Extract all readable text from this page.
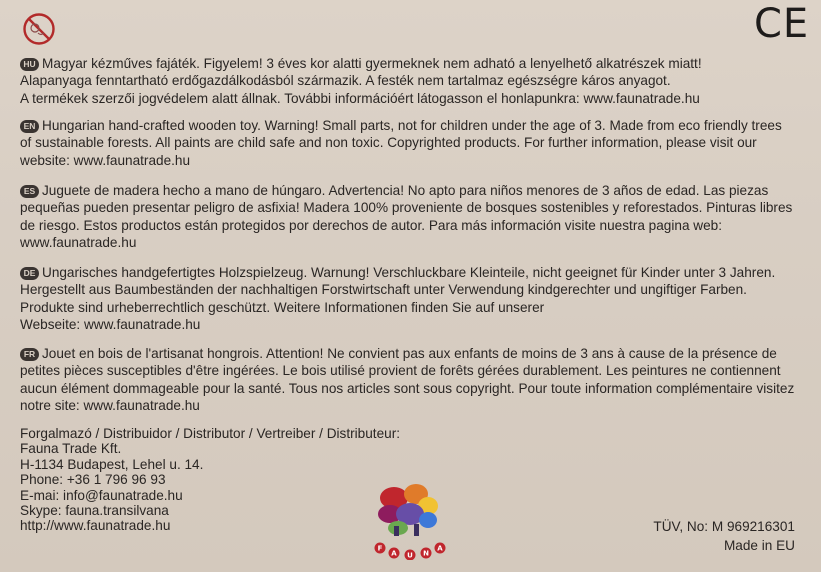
CE
HU Magyar kézműves fajáték. Figyelem! 3 éves kor alatti gyermeknek nem adható a lenyelhető alkatrészek miatt!
Alapanyaga fenntartható erdőgazdálkodásból származik. A festék nem tartalmaz egészségre káros anyagot.
A termékek szerzői jogvédelem alatt állnak. További információért látogasson el honlapunkra: www.faunatrade.hu
EN Hungarian hand-crafted wooden toy. Warning! Small parts, not for children under the age of 3. Made from eco friendly trees
of sustainable forests. All paints are child safe and non toxic. Copyrighted products. For further information, please visit our
website: www.faunatrade.hu
ES Juguete de madera hecho a mano de húngaro. Advertencia! No apto para niños menores de 3 años de edad. Las piezas
pequeñas pueden presentar peligro de asfixia! Madera 100% proveniente de bosques sostenibles y reforestados. Pinturas libres
de riesgo. Estos productos están protegidos por derechos de autor. Para más información visite nuestra pagina web:
www.faunatrade.hu
DE Ungarisches handgefertigtes Holzspielzeug. Warnung! Verschluckbare Kleinteile, nicht geeignet für Kinder unter 3 Jahren.
Hergestellt aus Baumbeständen der nachhaltigen Forstwirtschaft unter Verwendung kindgerechter und ungiftiger Farben.
Produkte sind urheberrechtlich geschützt. Weitere Informationen finden Sie auf unserer
Webseite: www.faunatrade.hu
FR Jouet en bois de l'artisanat hongrois. Attention! Ne convient pas aux enfants de moins de 3 ans à cause de la présence de
petites pièces susceptibles d'être ingérées. Le bois utilisé provient de forêts gérées durablement. Les peintures ne contiennent
aucun élément dommageable pour la santé. Tous nos articles sont sous copyright. Pour toute information complémentaire visitez
notre site: www.faunatrade.hu
Forgalmazó / Distribuidor / Distributor / Vertreiber / Distributeur:
Fauna Trade Kft.
H-1134 Budapest, Lehel u. 14.
Phone: +36 1 796 96 93
E-mai: info@faunatrade.hu
Skype: fauna.transilvana
http://www.faunatrade.hu
F
A U N
A
TÜV, No: M 969216301
Made in EU
